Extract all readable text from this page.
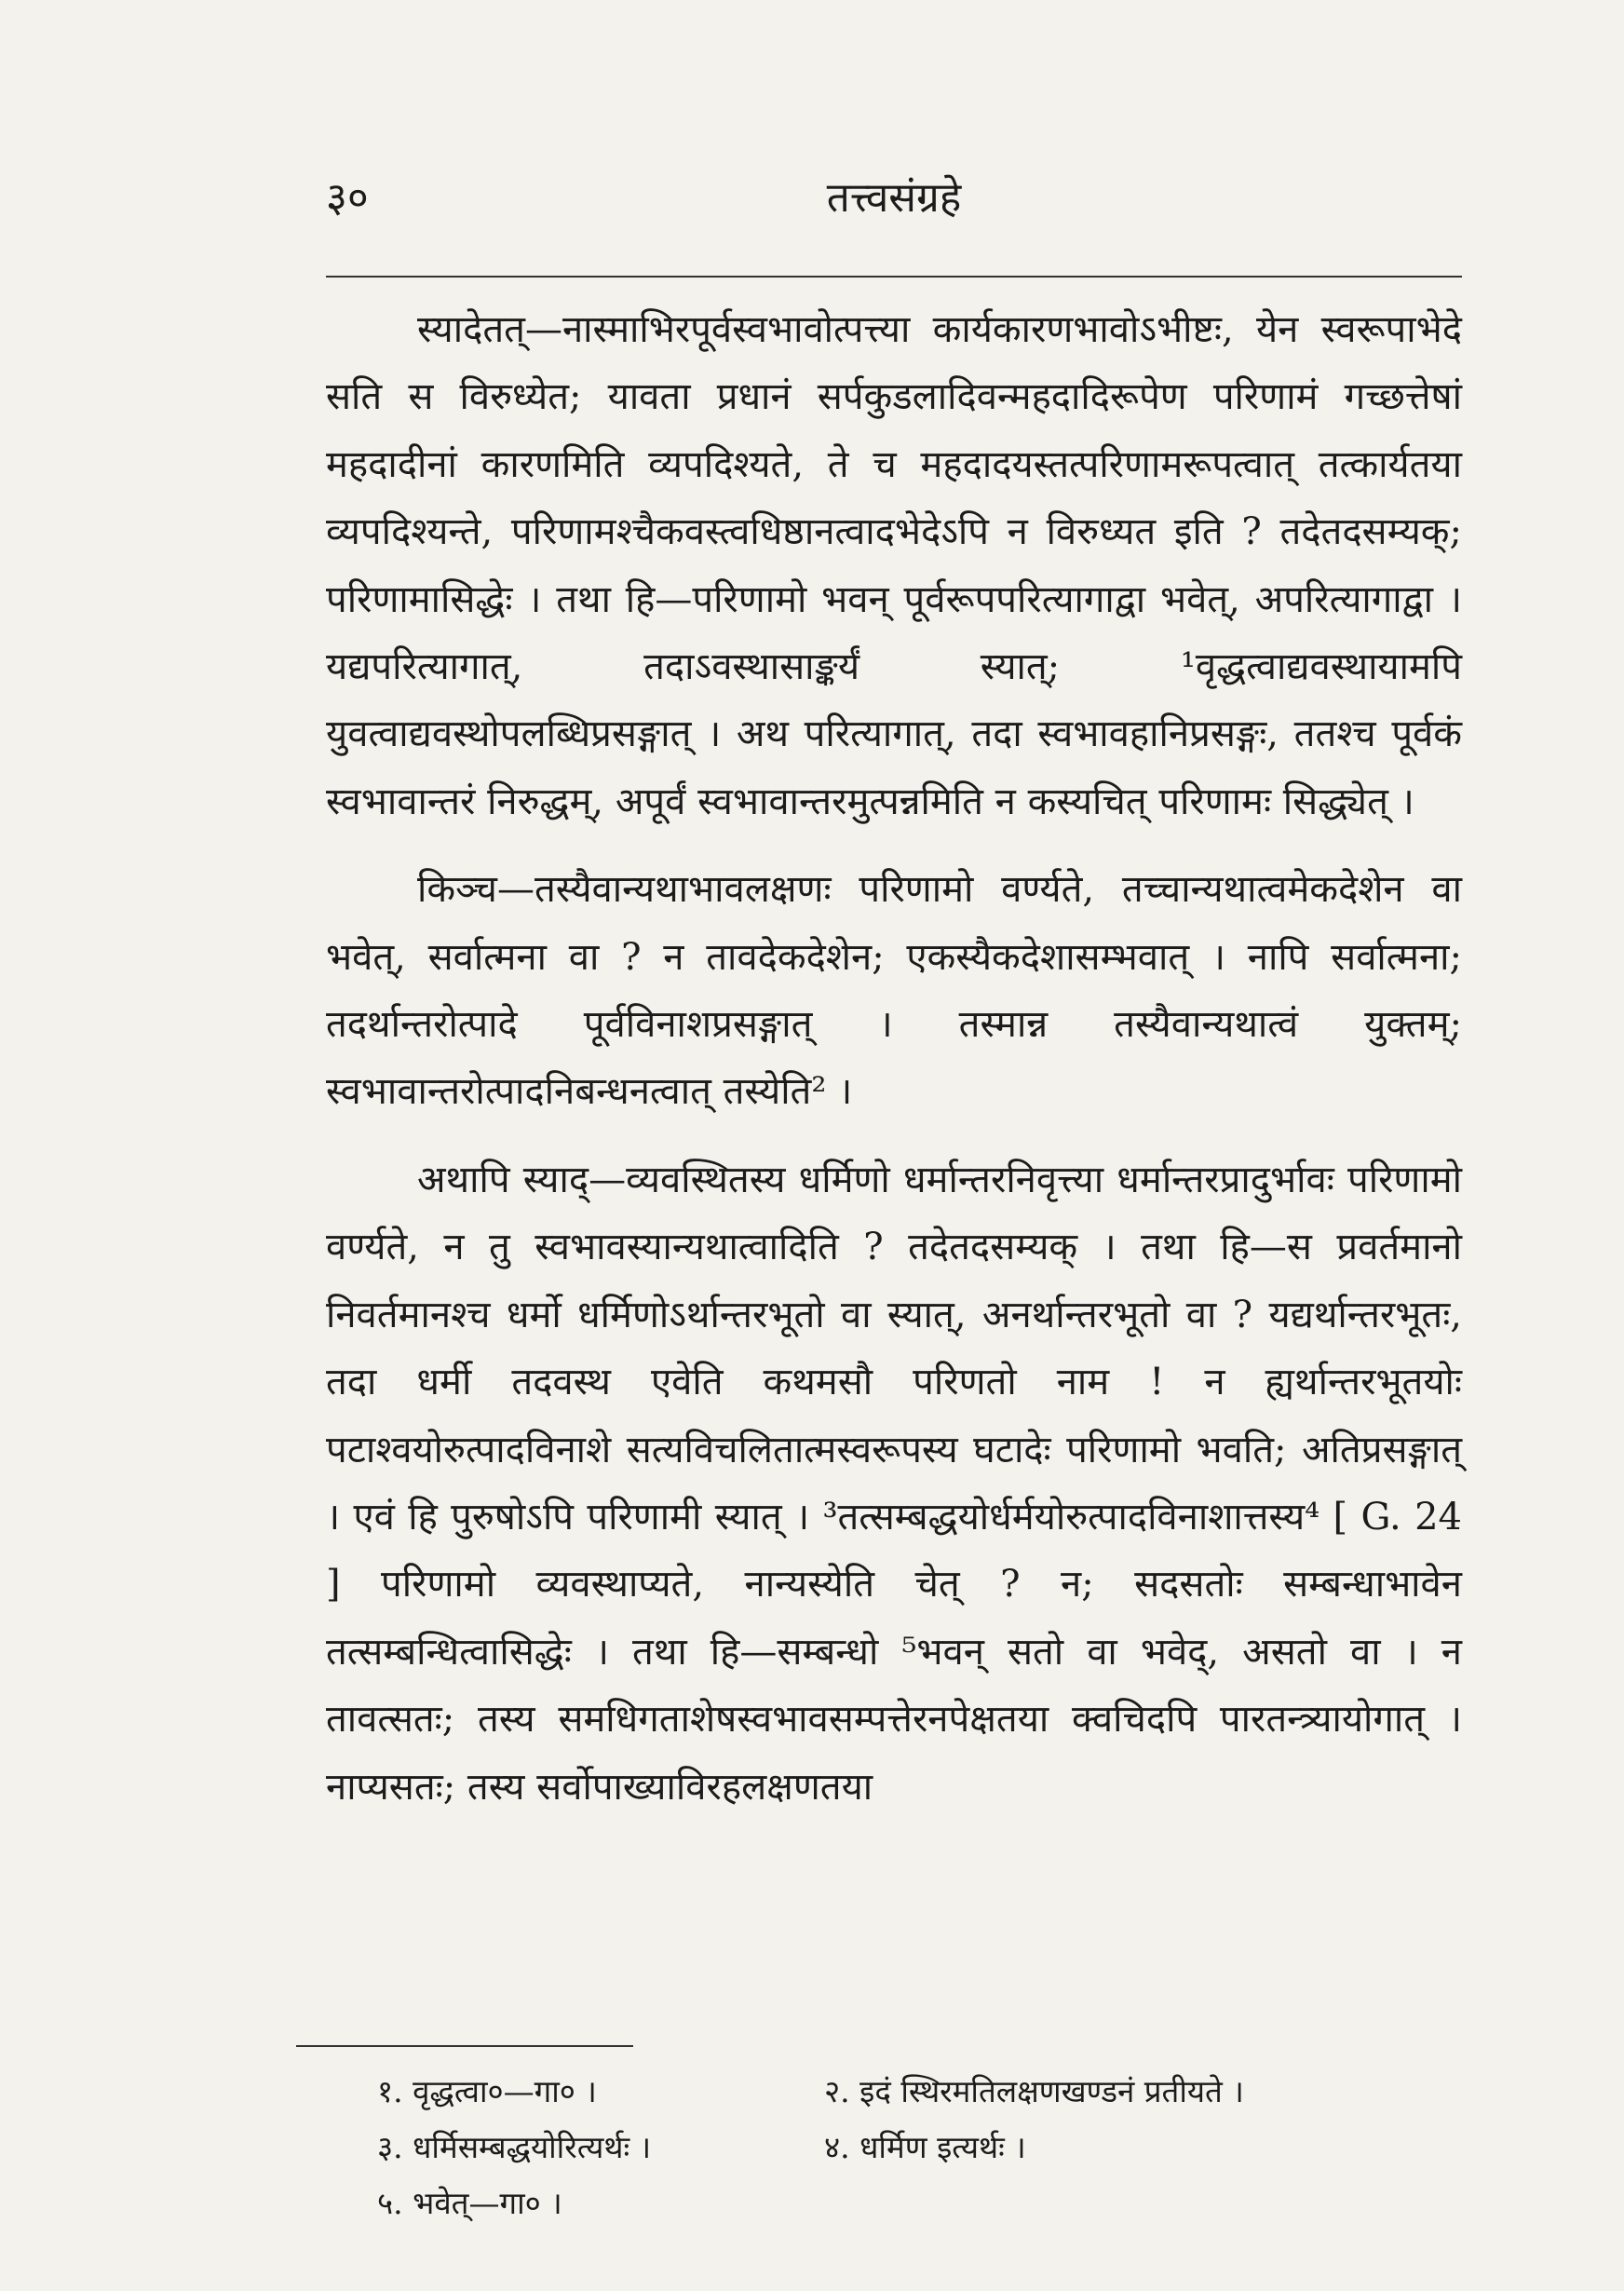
तत्त्वसंग्रहे
३०

स्यादेतत्—नास्माभिरपूर्वस्वभावोत्पत्त्या कार्यकारणभावोऽभीष्टः, येन स्वरूपाभेदे सति स विरुध्येत; यावता प्रधानं सर्पकुडलादिवन्महदादिरूपेण परिणामं गच्छत्तेषां महदादीनां कारणमिति व्यपदिश्यते, ते च महदादयस्तत्परिणामरूपत्वात् तत्कार्यतया व्यपदिश्यन्ते, परिणामश्चैकवस्त्वधिष्ठानत्वादभेदेऽपि न विरुध्यत इति ? तदेतदसम्यक्; परिणामासिद्धेः । तथा हि—परिणामो भवन् पूर्वरूपपरित्यागाद्वा भवेत्, अपरित्यागाद्वा । यद्यपरित्यागात्, तदाऽवस्थासाङ्कर्यं स्यात्; ¹वृद्धत्वाद्यवस्थायामपि युवत्वाद्यवस्थोपलब्धिप्रसङ्गात् । अथ परित्यागात्, तदा स्वभावहानिप्रसङ्गः, ततश्च पूर्वकं स्वभावान्तरं निरुद्धम्, अपूर्वं स्वभावान्तरमुत्पन्नमिति न कस्यचित् परिणामः सिद्ध्येत् ।

किञ्च—तस्यैवान्यथाभावलक्षणः परिणामो वर्ण्यते, तच्चान्यथात्वमेकदेशेन वा भवेत्, सर्वात्मना वा ? न तावदेकदेशेन; एकस्यैकदेशासम्भवात् । नापि सर्वात्मना; तदर्थान्तरोत्पादे पूर्वविनाशप्रसङ्गात् । तस्मान्न तस्यैवान्यथात्वं युक्तम्; स्वभावान्तरोत्पादनिबन्धनत्वात् तस्येति² ।

अथापि स्याद्—व्यवस्थितस्य धर्मिणो धर्मान्तरनिवृत्त्या धर्मान्तरप्रादुर्भावः परिणामो वर्ण्यते, न तु स्वभावस्यान्यथात्वादिति ? तदेतदसम्यक् । तथा हि—स प्रवर्तमानो निवर्तमानश्च धर्मो धर्मिणोऽर्थान्तरभूतो वा स्यात्, अनर्थान्तरभूतो वा ? यद्यर्थान्तरभूतः, तदा धर्मी तदवस्थ एवेति कथमसौ परिणतो नाम ! न ह्यर्थान्तरभूतयोः पटाश्वयोरुत्पादविनाशे सत्यविचलितात्मस्वरूपस्य घटादेः परिणामो भवति; अतिप्रसङ्गात् । एवं हि पुरुषोऽपि परिणामी स्यात् । ³तत्सम्बद्धयोर्धर्मयोरुत्पादविनाशात्तस्य⁴ [ G. 24 ] परिणामो व्यवस्थाप्यते, नान्यस्येति चेत् ? न; सदसतोः सम्बन्धाभावेन तत्सम्बन्धित्वासिद्धेः । तथा हि—सम्बन्धो ⁵भवन् सतो वा भवेद्, असतो वा । न तावत्सतः; तस्य समधिगताशेषस्वभावसम्पत्तेरनपेक्षतया क्वचिदपि पारतन्त्र्यायोगात् । नाप्यसतः; तस्य सर्वोपाख्याविरहलक्षणतया

१. वृद्धत्वा०—गा० ।	२. इदं स्थिरमतिलक्षणखण्डनं प्रतीयते ।
३. धर्मिसम्बद्धयोरित्यर्थः ।	४. धर्मिण इत्यर्थः ।
५. भवेत्—गा० ।
